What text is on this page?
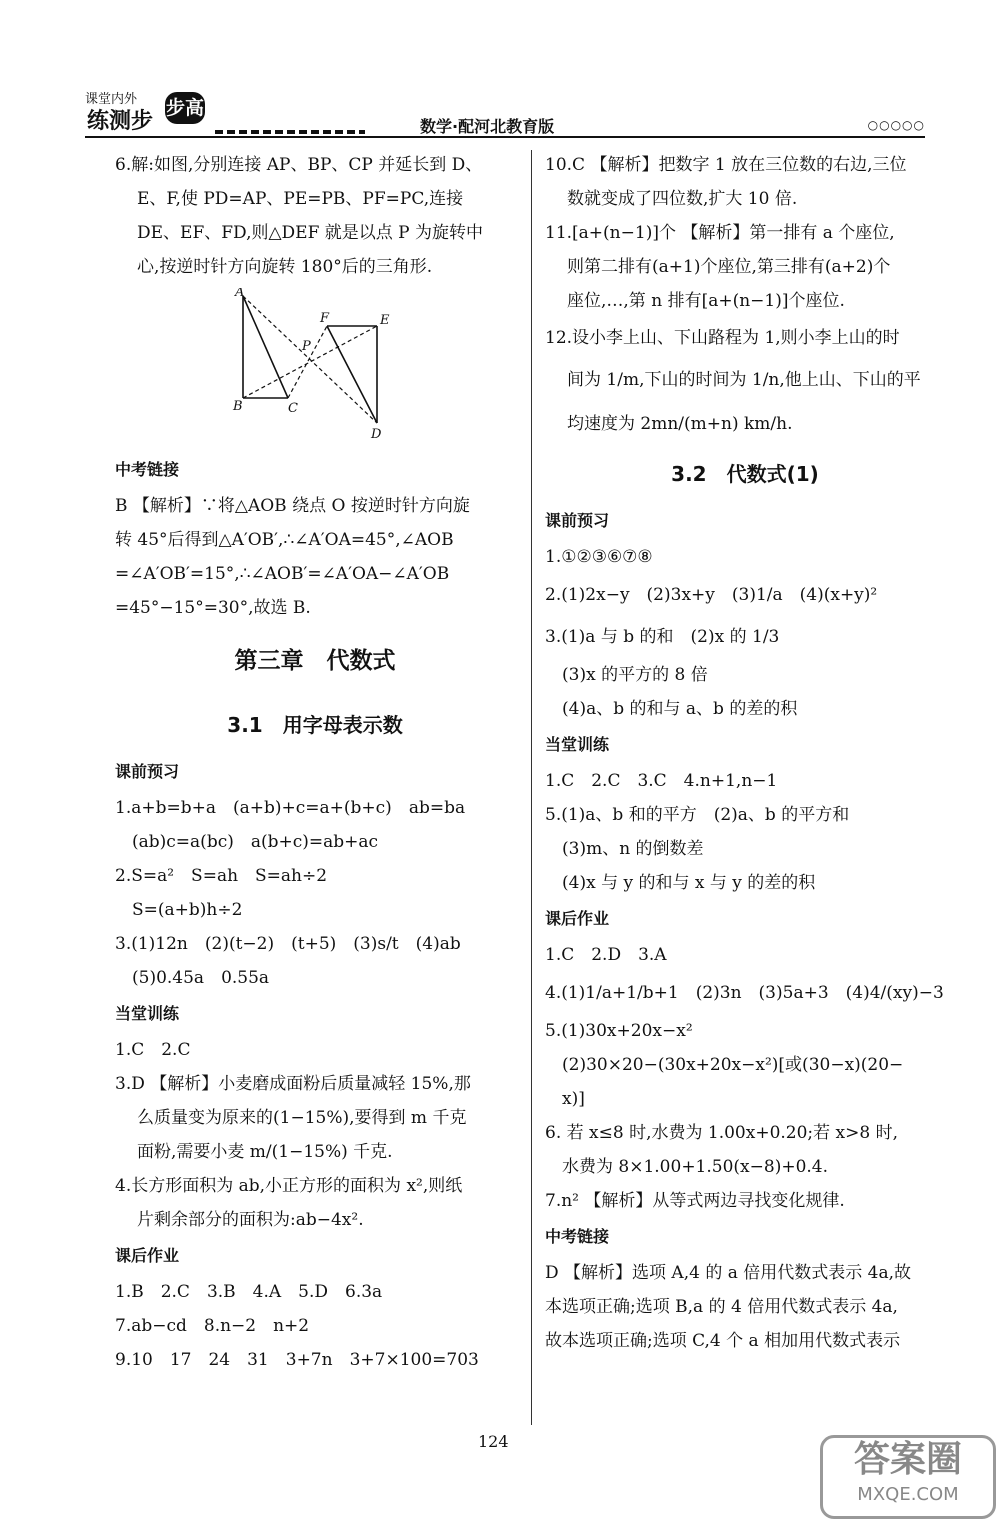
课堂内外
练测步
步高
数学·配河北教育版	○○○○○

6.解:如图,分别连接 AP、BP、CP 并延长到 D、

E、F,使 PD=AP、PE=PB、PF=PC,连接

DE、EF、FD,则△DEF 就是以点 P 为旋转中

心,按逆时针方向旋转 180°后的三角形.

A
B	C
P
F	E
D
中考链接

B 【解析】∵将△AOB 绕点 O 按逆时针方向旋

转 45°后得到△A′OB′,∴∠A′OA=45°,∠AOB

=∠A′OB′=15°,∴∠AOB′=∠A′OA−∠A′OB

=45°−15°=30°,故选 B.

第三章　代数式
3.1　用字母表示数
课前预习

1.a+b=b+a　(a+b)+c=a+(b+c)　ab=ba

　(ab)c=a(bc)　a(b+c)=ab+ac

2.S=a²　S=ah　S=ah÷2

　S=(a+b)h÷2

3.(1)12n　(2)(t−2)　(t+5)　(3)s/t　(4)ab

　(5)0.45a　0.55a

当堂训练

1.C　2.C

3.D 【解析】小麦磨成面粉后质量减轻 15%,那

么质量变为原来的(1−15%),要得到 m 千克

面粉,需要小麦 m/(1−15%) 千克.

4.长方形面积为 ab,小正方形的面积为 x²,则纸

片剩余部分的面积为:ab−4x².

课后作业

1.B　2.C　3.B　4.A　5.D　6.3a

7.ab−cd　8.n−2　n+2

9.10　17　24　31　3+7n　3+7×100=703

10.C 【解析】把数字 1 放在三位数的右边,三位

数就变成了四位数,扩大 10 倍.

11.[a+(n−1)]个 【解析】第一排有 a 个座位,

则第二排有(a+1)个座位,第三排有(a+2)个

座位,…,第 n 排有[a+(n−1)]个座位.

12.设小李上山、下山路程为 1,则小李上山的时

间为 1/m,下山的时间为 1/n,他上山、下山的平

均速度为 2mn/(m+n) km/h.

3.2　代数式(1)
课前预习

1.①②③⑥⑦⑧

2.(1)2x−y　(2)3x+y　(3)1/a　(4)(x+y)²

3.(1)a 与 b 的和　(2)x 的 1/3

　(3)x 的平方的 8 倍

　(4)a、b 的和与 a、b 的差的积

当堂训练

1.C　2.C　3.C　4.n+1,n−1

5.(1)a、b 和的平方　(2)a、b 的平方和

　(3)m、n 的倒数差

　(4)x 与 y 的和与 x 与 y 的差的积

课后作业

1.C　2.D　3.A

4.(1)1/a+1/b+1　(2)3n　(3)5a+3　(4)4/(xy)−3

5.(1)30x+20x−x²

　(2)30×20−(30x+20x−x²)[或(30−x)(20−

　x)]

6. 若 x≤8 时,水费为 1.00x+0.20;若 x>8 时,

　水费为 8×1.00+1.50(x−8)+0.4.

7.n² 【解析】从等式两边寻找变化规律.

中考链接

D 【解析】选项 A,4 的 a 倍用代数式表示 4a,故

本选项正确;选项 B,a 的 4 倍用代数式表示 4a,

故本选项正确;选项 C,4 个 a 相加用代数式表示

124	答案圈
MXQE.COM
